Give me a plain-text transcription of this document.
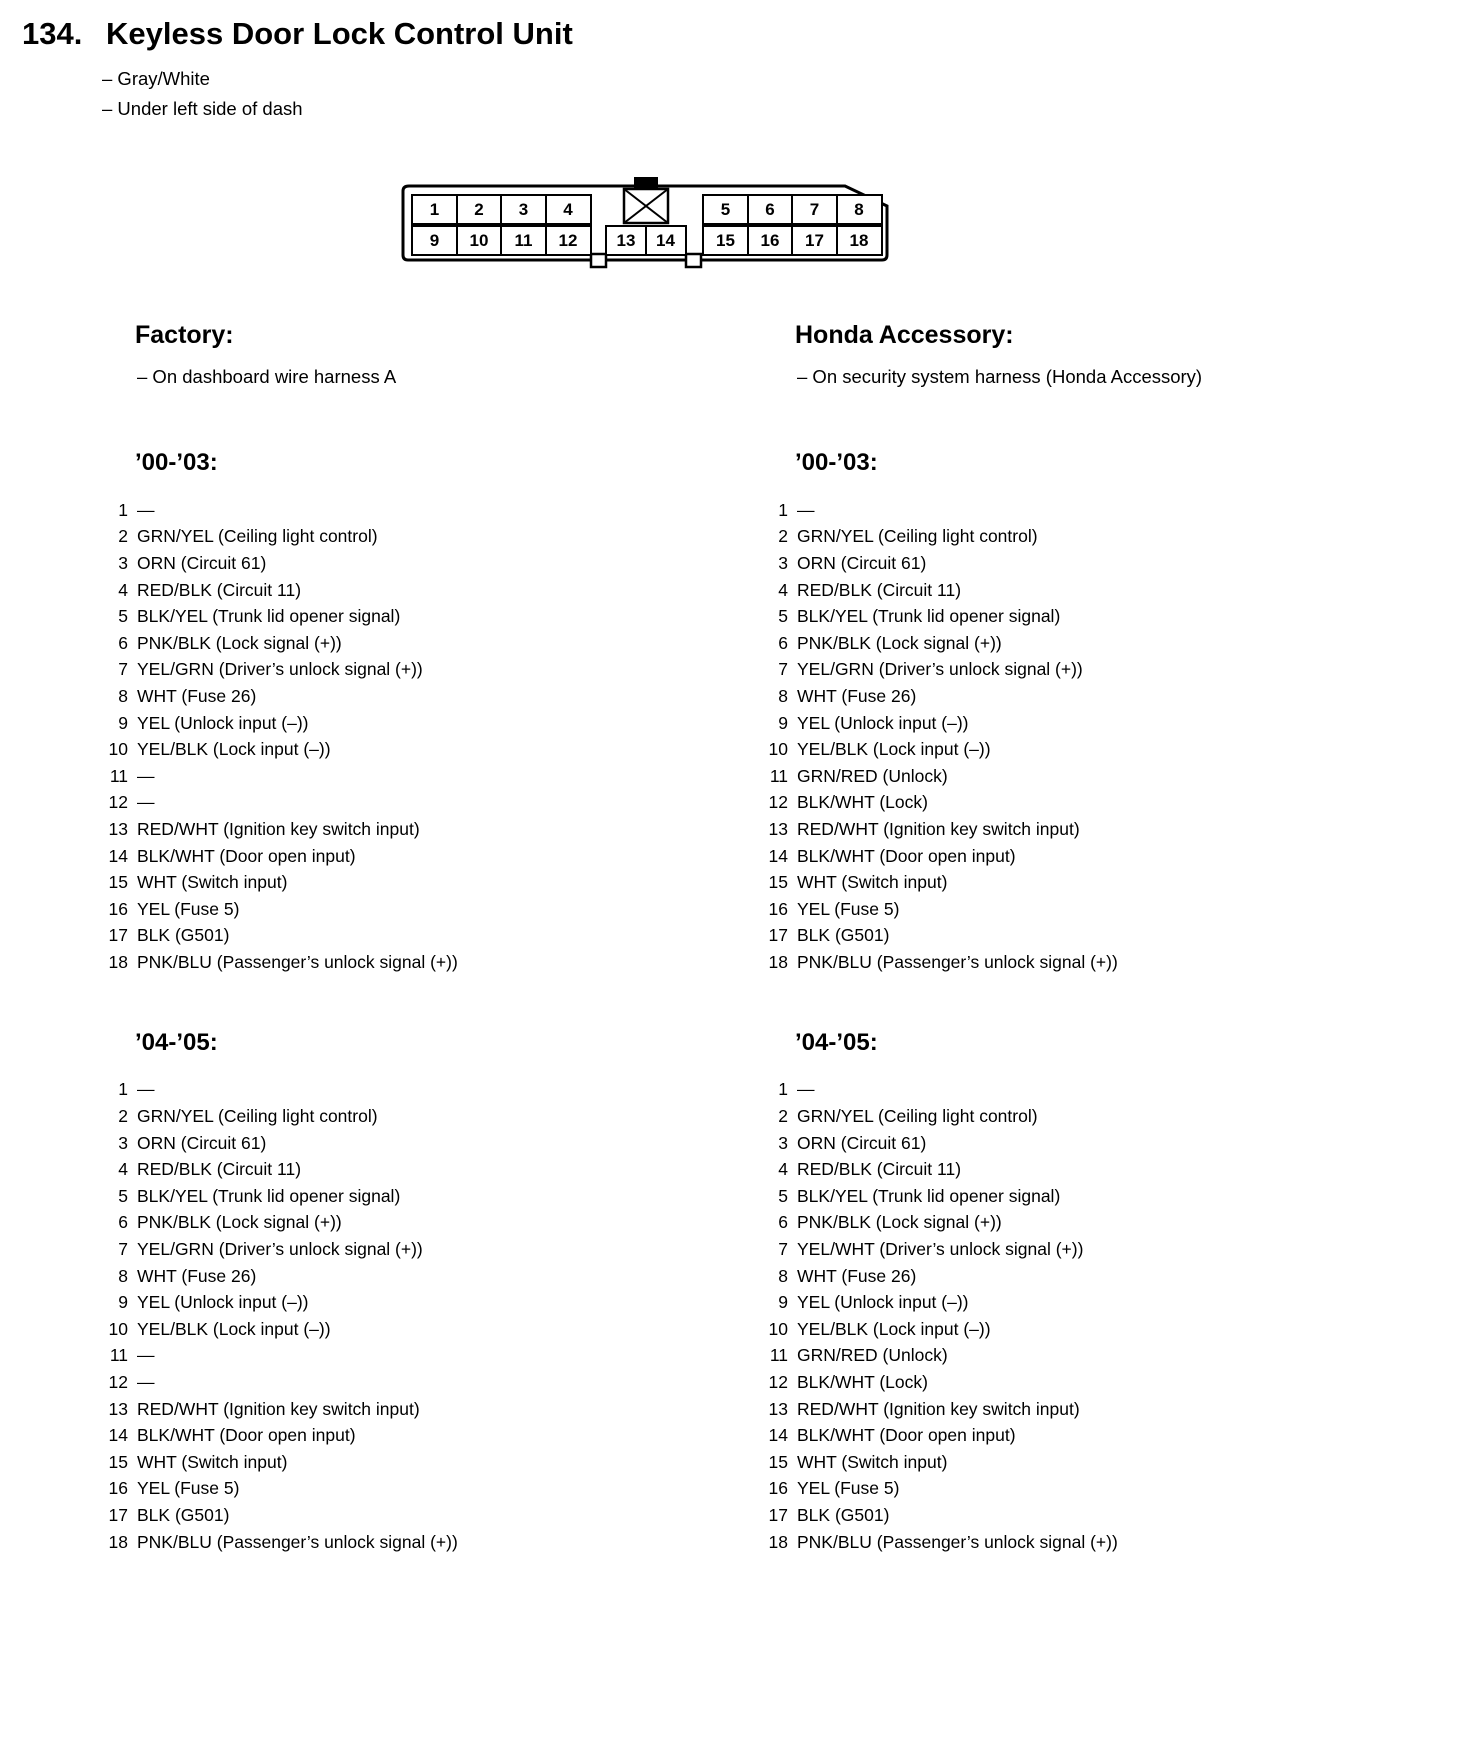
134. Keyless Door Lock Control Unit
– Gray/White
– Under left side of dash
1	2	3	4	5	6	7	8
9	10	11	12	13	14	15	16	17	18
Factory:
– On dashboard wire harness A
’00-’03:
1 —
2 GRN/YEL (Ceiling light control)
3 ORN (Circuit 61)
4 RED/BLK (Circuit 11)
5 BLK/YEL (Trunk lid opener signal)
6 PNK/BLK (Lock signal (+))
7 YEL/GRN (Driver’s unlock signal (+))
8 WHT (Fuse 26)
9 YEL (Unlock input (–))
10 YEL/BLK (Lock input (–))
11 —
12 —
13 RED/WHT (Ignition key switch input)
14 BLK/WHT (Door open input)
15 WHT (Switch input)
16 YEL (Fuse 5)
17 BLK (G501)
18 PNK/BLU (Passenger’s unlock signal (+))
’04-’05:
1 —
2 GRN/YEL (Ceiling light control)
3 ORN (Circuit 61)
4 RED/BLK (Circuit 11)
5 BLK/YEL (Trunk lid opener signal)
6 PNK/BLK (Lock signal (+))
7 YEL/GRN (Driver’s unlock signal (+))
8 WHT (Fuse 26)
9 YEL (Unlock input (–))
10 YEL/BLK (Lock input (–))
11 —
12 —
13 RED/WHT (Ignition key switch input)
14 BLK/WHT (Door open input)
15 WHT (Switch input)
16 YEL (Fuse 5)
17 BLK (G501)
18 PNK/BLU (Passenger’s unlock signal (+))
Honda Accessory:
– On security system harness (Honda Accessory)
’00-’03:
1 —
2 GRN/YEL (Ceiling light control)
3 ORN (Circuit 61)
4 RED/BLK (Circuit 11)
5 BLK/YEL (Trunk lid opener signal)
6 PNK/BLK (Lock signal (+))
7 YEL/GRN (Driver’s unlock signal (+))
8 WHT (Fuse 26)
9 YEL (Unlock input (–))
10 YEL/BLK (Lock input (–))
11 GRN/RED (Unlock)
12 BLK/WHT (Lock)
13 RED/WHT (Ignition key switch input)
14 BLK/WHT (Door open input)
15 WHT (Switch input)
16 YEL (Fuse 5)
17 BLK (G501)
18 PNK/BLU (Passenger’s unlock signal (+))
’04-’05:
1 —
2 GRN/YEL (Ceiling light control)
3 ORN (Circuit 61)
4 RED/BLK (Circuit 11)
5 BLK/YEL (Trunk lid opener signal)
6 PNK/BLK (Lock signal (+))
7 YEL/WHT (Driver’s unlock signal (+))
8 WHT (Fuse 26)
9 YEL (Unlock input (–))
10 YEL/BLK (Lock input (–))
11 GRN/RED (Unlock)
12 BLK/WHT (Lock)
13 RED/WHT (Ignition key switch input)
14 BLK/WHT (Door open input)
15 WHT (Switch input)
16 YEL (Fuse 5)
17 BLK (G501)
18 PNK/BLU (Passenger’s unlock signal (+))
